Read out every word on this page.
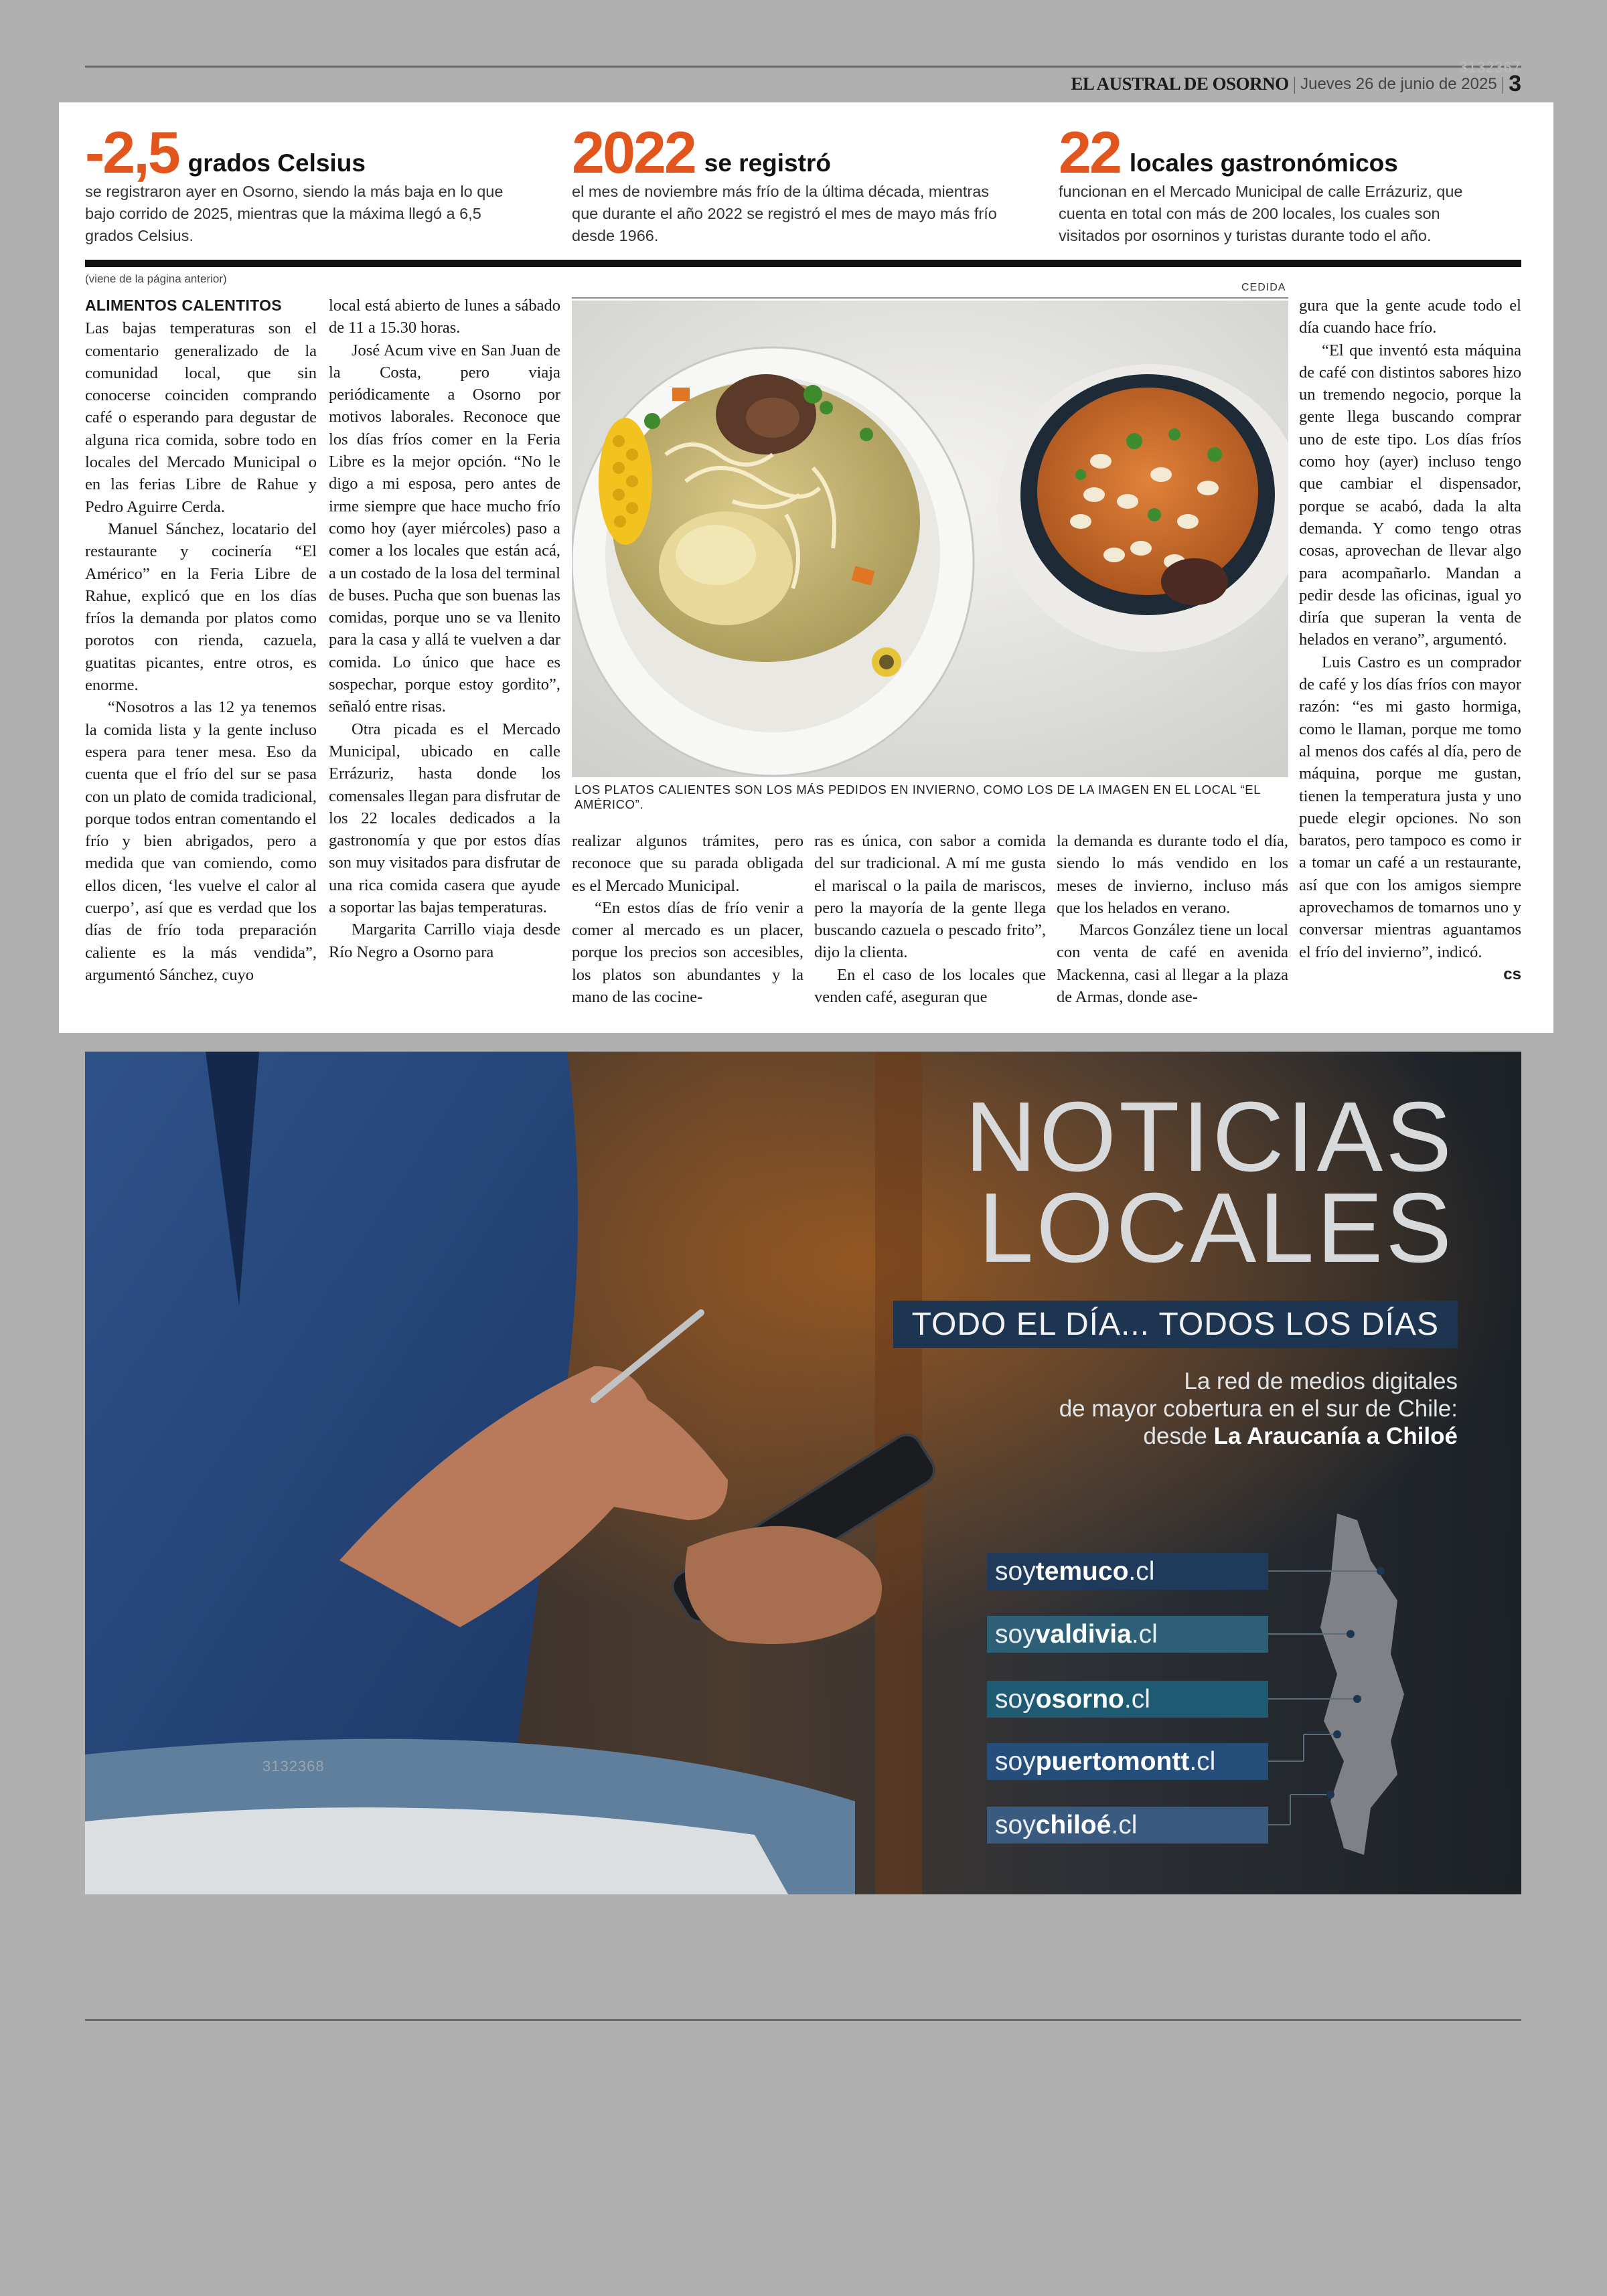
3132367
EL AUSTRAL DE OSORNO | Jueves 26 de junio de 2025 | 3
-2,5 grados Celsius
se registraron ayer en Osorno, siendo la más baja en lo que bajo corrido de 2025, mientras que la máxima llegó a 6,5 grados Celsius.
2022 se registró
el mes de noviembre más frío de la última década, mientras que durante el año 2022 se registró el mes de mayo más frío desde 1966.
22 locales gastronómicos
funcionan en el Mercado Municipal de calle Errázuriz, que cuenta en total con más de 200 locales, los cuales son visitados por osorninos y turistas durante todo el año.
(viene de la página anterior)
ALIMENTOS CALENTITOS

Las bajas temperaturas son el comentario generalizado de la comunidad local, que sin conocerse coinciden comprando café o esperando para degustar de alguna rica comida, sobre todo en locales del Mercado Municipal o en las ferias Libre de Rahue y Pedro Aguirre Cerda.

Manuel Sánchez, locatario del restaurante y cocinería “El Américo” en la Feria Libre de Rahue, explicó que en los días fríos la demanda por platos como porotos con rienda, cazuela, guatitas picantes, entre otros, es enorme.

“Nosotros a las 12 ya tenemos la comida lista y la gente incluso espera para tener mesa. Eso da cuenta que el frío del sur se pasa con un plato de comida tradicional, porque todos entran comentando el frío y bien abrigados, pero a medida que van comiendo, como ellos dicen, ‘les vuelve el calor al cuerpo’, así que es verdad que los días de frío toda preparación caliente es la más vendida”, argumentó Sánchez, cuyo

local está abierto de lunes a sábado de 11 a 15.30 horas.

José Acum vive en San Juan de la Costa, pero viaja periódicamente a Osorno por motivos laborales. Reconoce que los días fríos comer en la Feria Libre es la mejor opción. “No le digo a mi esposa, pero antes de irme siempre que hace mucho frío como hoy (ayer miércoles) paso a comer a los locales que están acá, a un costado de la losa del terminal de buses. Pucha que son buenas las comidas, porque uno se va llenito para la casa y allá te vuelven a dar comida. Lo único que hace es sospechar, porque estoy gordito”, señaló entre risas.

Otra picada es el Mercado Municipal, ubicado en calle Errázuriz, hasta donde los comensales llegan para disfrutar de los 22 locales dedicados a la gastronomía y que por estos días son muy visitados para disfrutar de una rica comida casera que ayude a soportar las bajas temperaturas.

Margarita Carrillo viaja desde Río Negro a Osorno para

CEDIDA
LOS PLATOS CALIENTES SON LOS MÁS PEDIDOS EN INVIERNO, COMO LOS DE LA IMAGEN EN EL LOCAL “EL AMÉRICO”.

realizar algunos trámites, pero reconoce que su parada obligada es el Mercado Municipal.

“En estos días de frío venir a comer al mercado es un placer, porque los precios son accesibles, los platos son abundantes y la mano de las cocine-

ras es única, con sabor a comida del sur tradicional. A mí me gusta el mariscal o la paila de mariscos, pero la mayoría de la gente llega buscando cazuela o pescado frito”, dijo la clienta.

En el caso de los locales que venden café, aseguran que

la demanda es durante todo el día, siendo lo más vendido en los meses de invierno, incluso más que los helados en verano.

Marcos González tiene un local con venta de café en avenida Mackenna, casi al llegar a la plaza de Armas, donde ase-

gura que la gente acude todo el día cuando hace frío.

“El que inventó esta máquina de café con distintos sabores hizo un tremendo negocio, porque la gente llega buscando comprar uno de este tipo. Los días fríos como hoy (ayer) incluso tengo que cambiar el dispensador, porque se acabó, dada la alta demanda. Y como tengo otras cosas, aprovechan de llevar algo para acompañarlo. Mandan a pedir desde las oficinas, igual yo diría que superan la venta de helados en verano”, argumentó.

Luis Castro es un comprador de café y los días fríos con mayor razón: “es mi gasto hormiga, como le llaman, porque me tomo al menos dos cafés al día, pero de máquina, porque me gustan, tienen la temperatura justa y uno puede elegir opciones. No son baratos, pero tampoco es como ir a tomar un café a un restaurante, así que con los amigos siempre aprovechamos de tomarnos uno y conversar mientras aguantamos el frío del invierno”, indicó.

cs
NOTICIAS
LOCALES
TODO EL DÍA... TODOS LOS DÍAS
La red de medios digitales
de mayor cobertura en el sur de Chile:
desde La Araucanía a Chiloé
soytemuco.cl
soyvaldivia.cl
soyosorno.cl
soypuertomontt.cl
soychiloé.cl
3132368
